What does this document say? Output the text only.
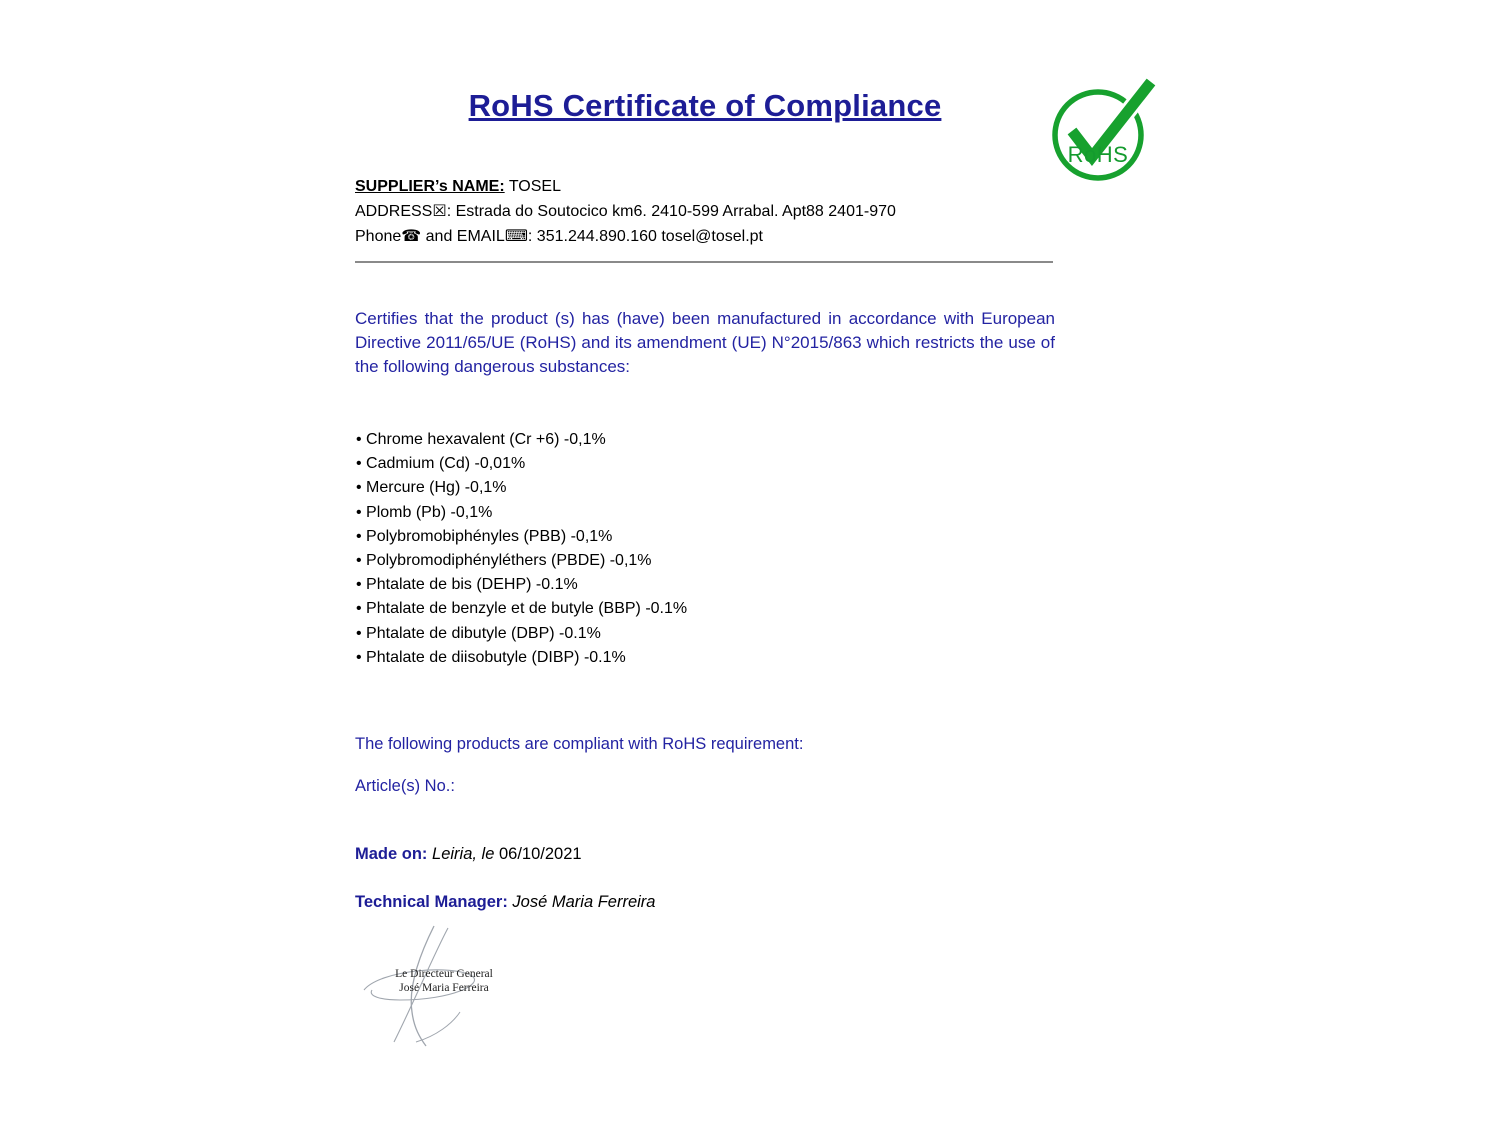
RoHS Certificate of Compliance
RoHS

SUPPLIER’s NAME: TOSEL

ADDRESS☒: Estrada do Soutocico km6. 2410-599 Arrabal. Apt88 2401-970

Phone☎ and EMAIL⌨: 351.244.890.160 tosel@tosel.pt

Certifies that the product (s) has (have) been manufactured in accordance with European Directive 2011/65/UE (RoHS) and its amendment (UE) N°2015/863 which restricts the use of the following dangerous substances:

• Chrome hexavalent (Cr +6) -0,1%
• Cadmium (Cd) -0,01%
• Mercure (Hg) -0,1%
• Plomb (Pb) -0,1%
• Polybromobiphényles (PBB) -0,1%
• Polybromodiphényléthers (PBDE) -0,1%
• Phtalate de bis (DEHP) -0.1%
• Phtalate de benzyle et de butyle (BBP) -0.1%
• Phtalate de dibutyle (DBP) -0.1%
• Phtalate de diisobutyle (DIBP) -0.1%

The following products are compliant with RoHS requirement:

Article(s) No.:

Made on: Leiria, le 06/10/2021

Technical Manager: José Maria Ferreira

Le Directeur General
José Maria Ferreira
